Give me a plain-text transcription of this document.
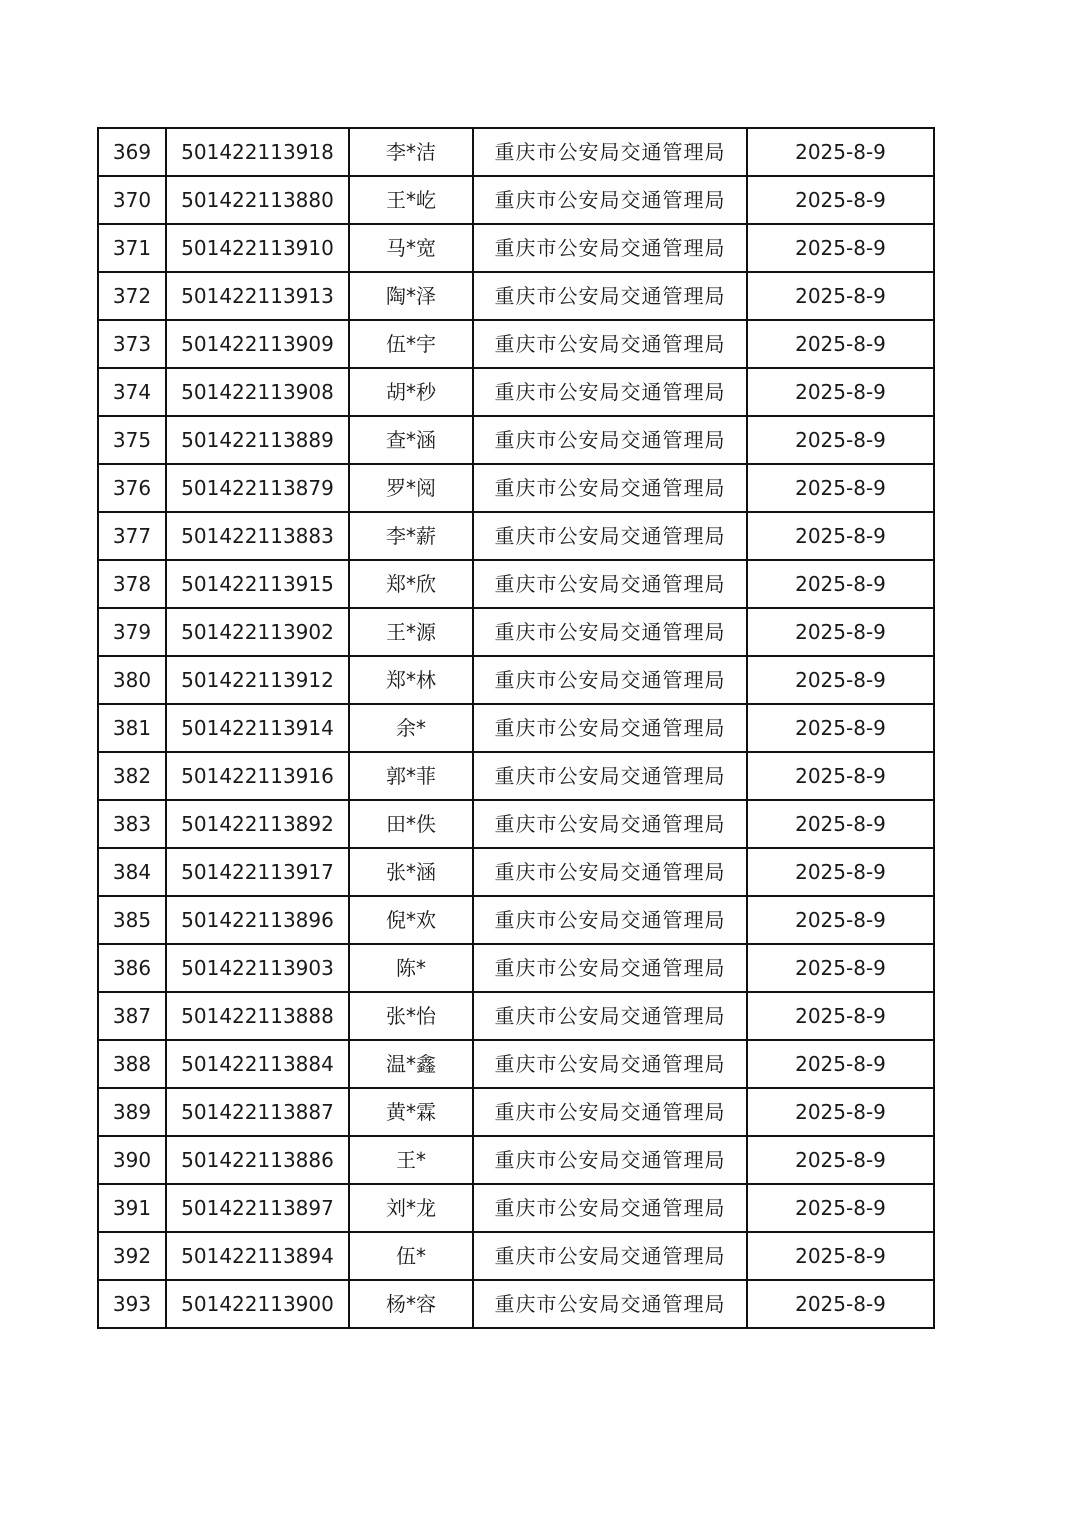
369	501422113918	李*洁	重庆市公安局交通管理局	2025-8-9
370	501422113880	王*屹	重庆市公安局交通管理局	2025-8-9
371	501422113910	马*宽	重庆市公安局交通管理局	2025-8-9
372	501422113913	陶*泽	重庆市公安局交通管理局	2025-8-9
373	501422113909	伍*宇	重庆市公安局交通管理局	2025-8-9
374	501422113908	胡*秒	重庆市公安局交通管理局	2025-8-9
375	501422113889	查*涵	重庆市公安局交通管理局	2025-8-9
376	501422113879	罗*阅	重庆市公安局交通管理局	2025-8-9
377	501422113883	李*薪	重庆市公安局交通管理局	2025-8-9
378	501422113915	郑*欣	重庆市公安局交通管理局	2025-8-9
379	501422113902	王*源	重庆市公安局交通管理局	2025-8-9
380	501422113912	郑*林	重庆市公安局交通管理局	2025-8-9
381	501422113914	余*	重庆市公安局交通管理局	2025-8-9
382	501422113916	郭*菲	重庆市公安局交通管理局	2025-8-9
383	501422113892	田*佚	重庆市公安局交通管理局	2025-8-9
384	501422113917	张*涵	重庆市公安局交通管理局	2025-8-9
385	501422113896	倪*欢	重庆市公安局交通管理局	2025-8-9
386	501422113903	陈*	重庆市公安局交通管理局	2025-8-9
387	501422113888	张*怡	重庆市公安局交通管理局	2025-8-9
388	501422113884	温*鑫	重庆市公安局交通管理局	2025-8-9
389	501422113887	黄*霖	重庆市公安局交通管理局	2025-8-9
390	501422113886	王*	重庆市公安局交通管理局	2025-8-9
391	501422113897	刘*龙	重庆市公安局交通管理局	2025-8-9
392	501422113894	伍*	重庆市公安局交通管理局	2025-8-9
393	501422113900	杨*容	重庆市公安局交通管理局	2025-8-9
